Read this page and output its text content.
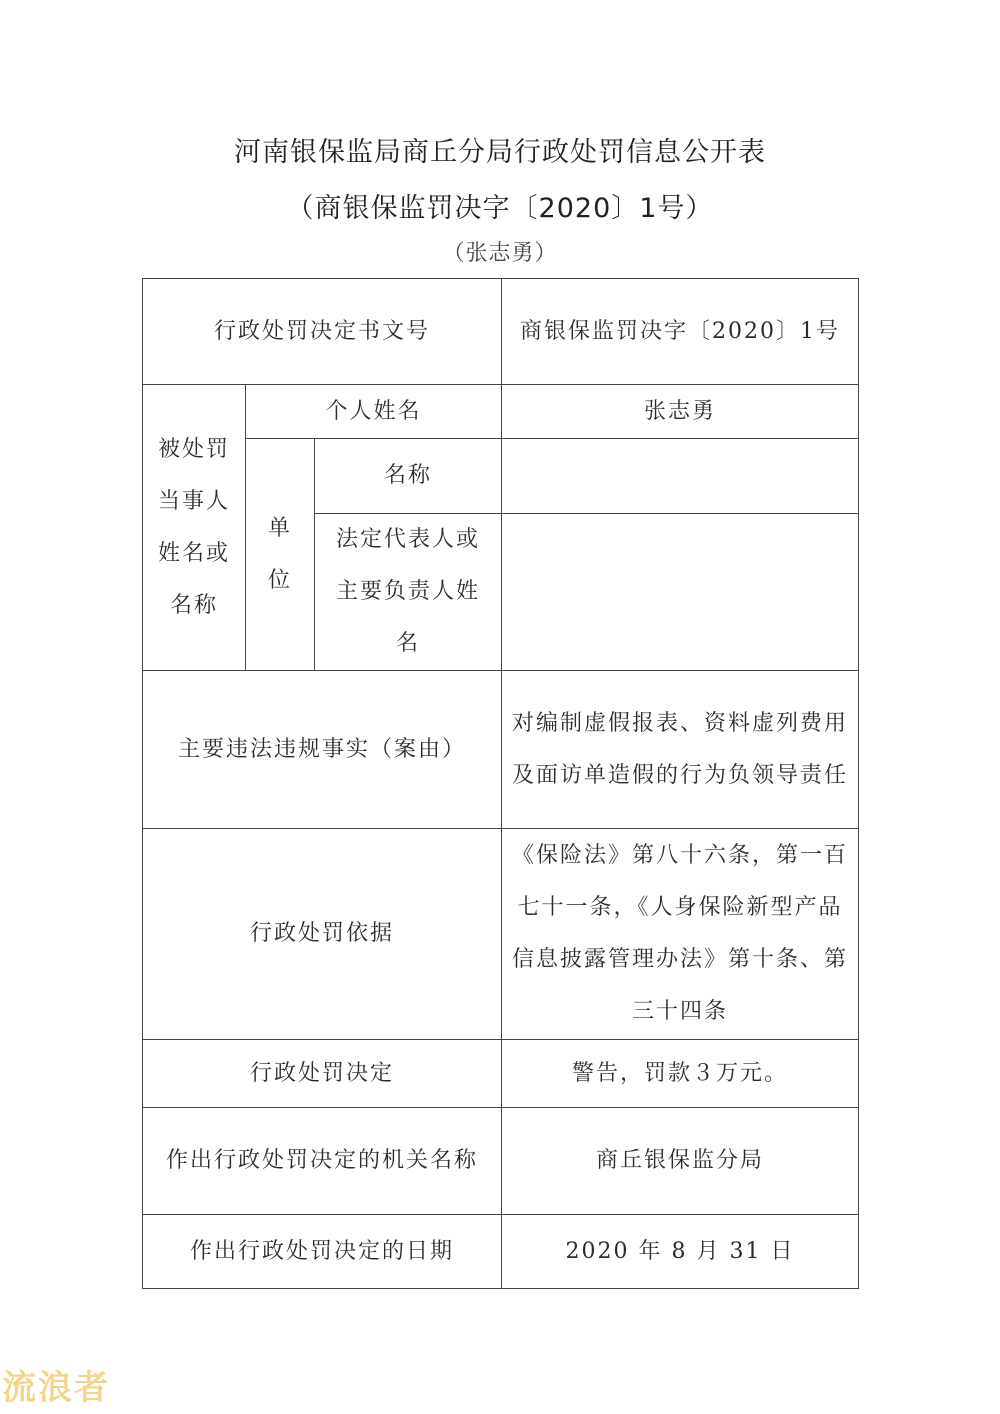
河南银保监局商丘分局行政处罚信息公开表
（商银保监罚决字〔2020〕1号）
（张志勇）
行政处罚决定书文号			商银保监罚决字〔2020〕1号
被处罚当事人姓名或名称	个人姓名		张志勇
	单位	名称	
		法定代表人或主要负责人姓名	
主要违法违规事实（案由）			对编制虚假报表、资料虚列费用及面访单造假的行为负领导责任
行政处罚依据			《保险法》第八十六条，第一百七十一条，《人身保险新型产品信息披露管理办法》第十条、第三十四条
行政处罚决定			警告，罚款３万元。
作出行政处罚决定的机关名称			商丘银保监分局
作出行政处罚决定的日期			2020 年 8 月 31 日
流浪者
